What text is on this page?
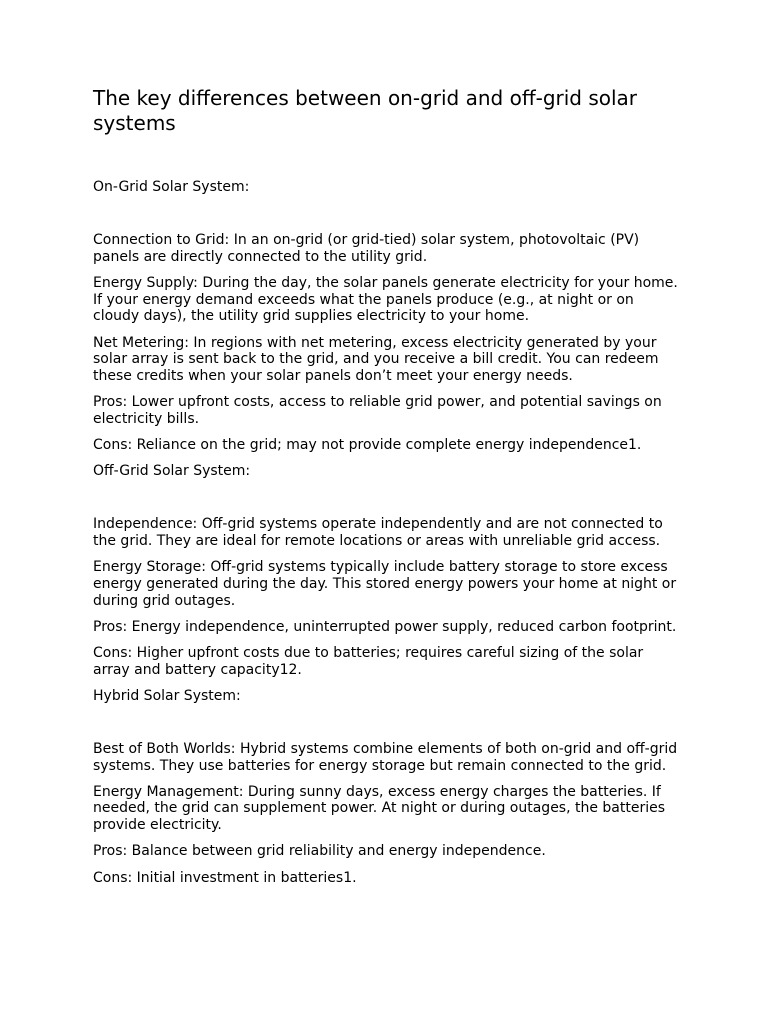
The key differences between on-grid and off-grid solar systems

On-Grid Solar System:

Connection to Grid: In an on-grid (or grid-tied) solar system, photovoltaic (PV) panels are directly connected to the utility grid.

Energy Supply: During the day, the solar panels generate electricity for your home. If your energy demand exceeds what the panels produce (e.g., at night or on cloudy days), the utility grid supplies electricity to your home.

Net Metering: In regions with net metering, excess electricity generated by your solar array is sent back to the grid, and you receive a bill credit. You can redeem these credits when your solar panels don’t meet your energy needs.

Pros: Lower upfront costs, access to reliable grid power, and potential savings on electricity bills.

Cons: Reliance on the grid; may not provide complete energy independence1.

Off-Grid Solar System:

Independence: Off-grid systems operate independently and are not connected to the grid. They are ideal for remote locations or areas with unreliable grid access.

Energy Storage: Off-grid systems typically include battery storage to store excess energy generated during the day. This stored energy powers your home at night or during grid outages.

Pros: Energy independence, uninterrupted power supply, reduced carbon footprint.

Cons: Higher upfront costs due to batteries; requires careful sizing of the solar array and battery capacity12.

Hybrid Solar System:

Best of Both Worlds: Hybrid systems combine elements of both on-grid and off-grid systems. They use batteries for energy storage but remain connected to the grid.

Energy Management: During sunny days, excess energy charges the batteries. If needed, the grid can supplement power. At night or during outages, the batteries provide electricity.

Pros: Balance between grid reliability and energy independence.

Cons: Initial investment in batteries1.
